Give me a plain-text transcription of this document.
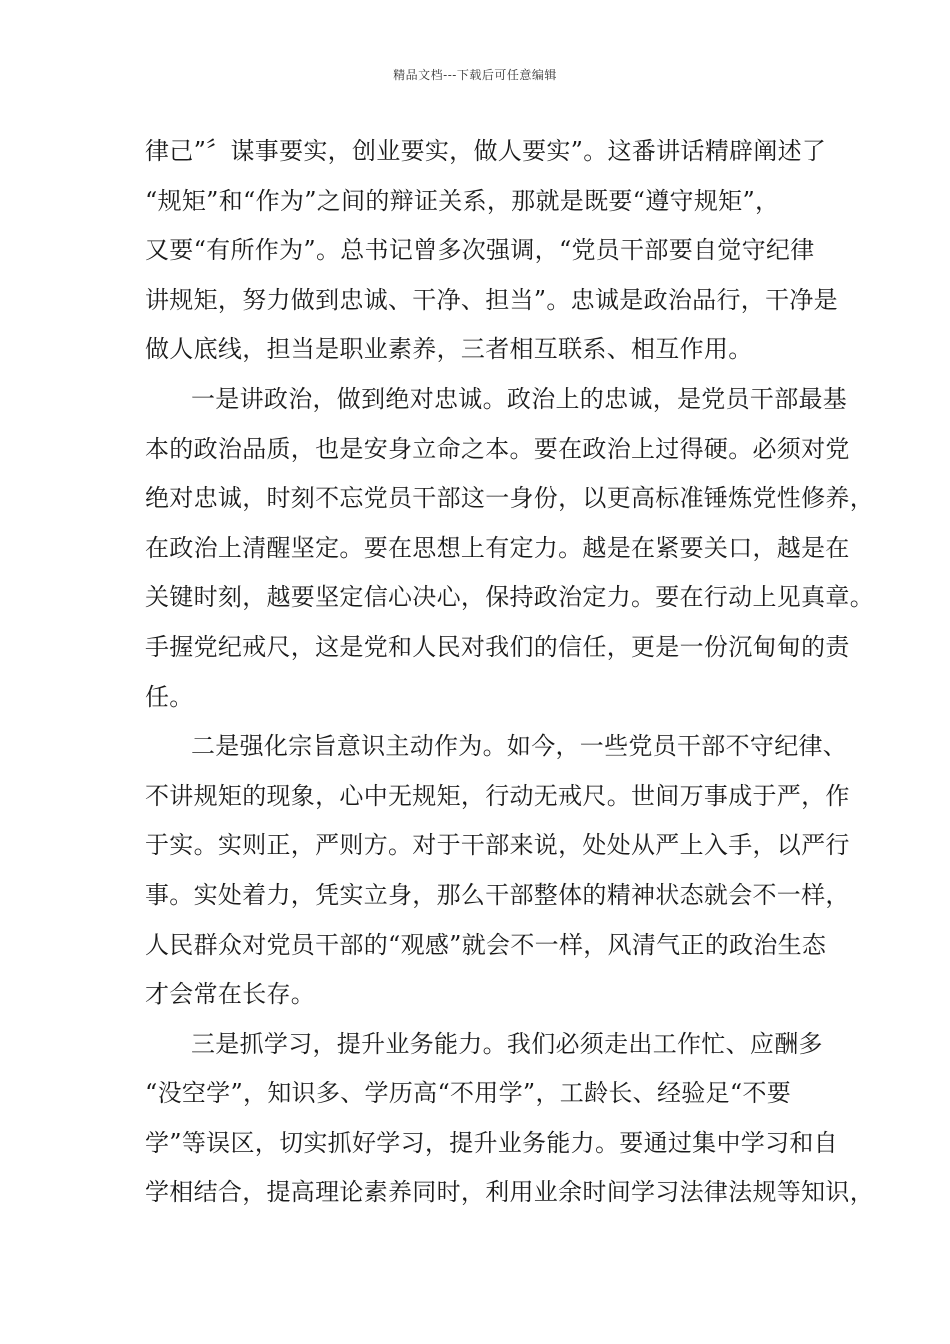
精品文档---下载后可任意编辑
律己”〞谋事要实，创业要实，做人要实”。这番讲话精辟阐述了
“规矩”和“作为”之间的辩证关系，那就是既要“遵守规矩”，
又要“有所作为”。总书记曾多次强调，“党员干部要自觉守纪律
讲规矩，努力做到忠诚、干净、担当”。忠诚是政治品行，干净是
做人底线，担当是职业素养，三者相互联系、相互作用。
一是讲政治，做到绝对忠诚。政治上的忠诚，是党员干部最基
本的政治品质，也是安身立命之本。要在政治上过得硬。必须对党
绝对忠诚，时刻不忘党员干部这一身份，以更高标准锤炼党性修养，
在政治上清醒坚定。要在思想上有定力。越是在紧要关口，越是在
关键时刻，越要坚定信心决心，保持政治定力。要在行动上见真章。
手握党纪戒尺，这是党和人民对我们的信任，更是一份沉甸甸的责
任。
二是强化宗旨意识主动作为。如今，一些党员干部不守纪律、
不讲规矩的现象，心中无规矩，行动无戒尺。世间万事成于严，作
于实。实则正，严则方。对于干部来说，处处从严上入手，以严行
事。实处着力，凭实立身，那么干部整体的精神状态就会不一样，
人民群众对党员干部的“观感”就会不一样，风清气正的政治生态
才会常在长存。
三是抓学习，提升业务能力。我们必须走出工作忙、应酬多
“没空学”，知识多、学历高“不用学”，工龄长、经验足“不要
学”等误区，切实抓好学习，提升业务能力。要通过集中学习和自
学相结合，提高理论素养同时，利用业余时间学习法律法规等知识，
